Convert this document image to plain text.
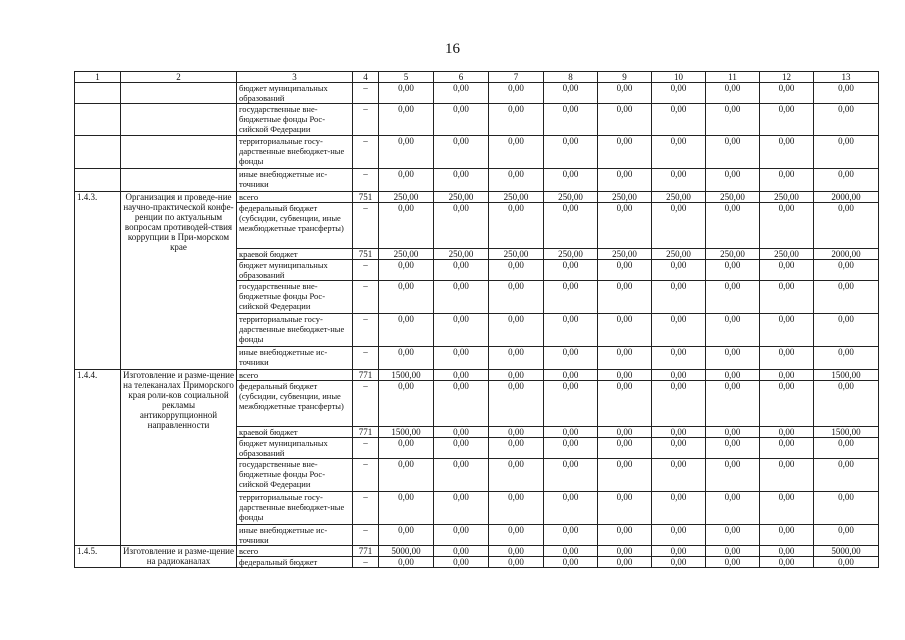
16
1	2	3	4	5	6	7	8	9	10	11	12	13
		бюджет муниципальных образований	–	0,00	0,00	0,00	0,00	0,00	0,00	0,00	0,00	0,00
		государственные вне-бюджетные фонды Рос-сийской Федерации	–	0,00	0,00	0,00	0,00	0,00	0,00	0,00	0,00	0,00
		территориальные госу-дарственные внебюджет-ные фонды	–	0,00	0,00	0,00	0,00	0,00	0,00	0,00	0,00	0,00
		иные внебюджетные ис-точники	–	0,00	0,00	0,00	0,00	0,00	0,00	0,00	0,00	0,00
1.4.3.	Организация и проведе-ние научно-практической конфе-ренции по актуальным вопросам противодей-ствия коррупции в При-морском крае	всего	751	250,00	250,00	250,00	250,00	250,00	250,00	250,00	250,00	2000,00
		федеральный бюджет (субсидии, субвенции, иные межбюджетные трансферты)	–	0,00	0,00	0,00	0,00	0,00	0,00	0,00	0,00	0,00
		краевой бюджет	751	250,00	250,00	250,00	250,00	250,00	250,00	250,00	250,00	2000,00
		бюджет муниципальных образований	–	0,00	0,00	0,00	0,00	0,00	0,00	0,00	0,00	0,00
		государственные вне-бюджетные фонды Рос-сийской Федерации	–	0,00	0,00	0,00	0,00	0,00	0,00	0,00	0,00	0,00
		территориальные госу-дарственные внебюджет-ные фонды	–	0,00	0,00	0,00	0,00	0,00	0,00	0,00	0,00	0,00
		иные внебюджетные ис-точники	–	0,00	0,00	0,00	0,00	0,00	0,00	0,00	0,00	0,00
1.4.4.	Изготовление и разме-щение на телеканалах Приморского края роли-ков социальной рекламы антикоррупционной направленности	всего	771	1500,00	0,00	0,00	0,00	0,00	0,00	0,00	0,00	1500,00
		федеральный бюджет (субсидии, субвенции, иные межбюджетные трансферты)	–	0,00	0,00	0,00	0,00	0,00	0,00	0,00	0,00	0,00
		краевой бюджет	771	1500,00	0,00	0,00	0,00	0,00	0,00	0,00	0,00	1500,00
		бюджет муниципальных образований	–	0,00	0,00	0,00	0,00	0,00	0,00	0,00	0,00	0,00
		государственные вне-бюджетные фонды Рос-сийской Федерации	–	0,00	0,00	0,00	0,00	0,00	0,00	0,00	0,00	0,00
		территориальные госу-дарственные внебюджет-ные фонды	–	0,00	0,00	0,00	0,00	0,00	0,00	0,00	0,00	0,00
		иные внебюджетные ис-точники	–	0,00	0,00	0,00	0,00	0,00	0,00	0,00	0,00	0,00
1.4.5.	Изготовление и разме-щение на радиоканалах	всего	771	5000,00	0,00	0,00	0,00	0,00	0,00	0,00	0,00	5000,00
		федеральный бюджет	–	0,00	0,00	0,00	0,00	0,00	0,00	0,00	0,00	0,00
